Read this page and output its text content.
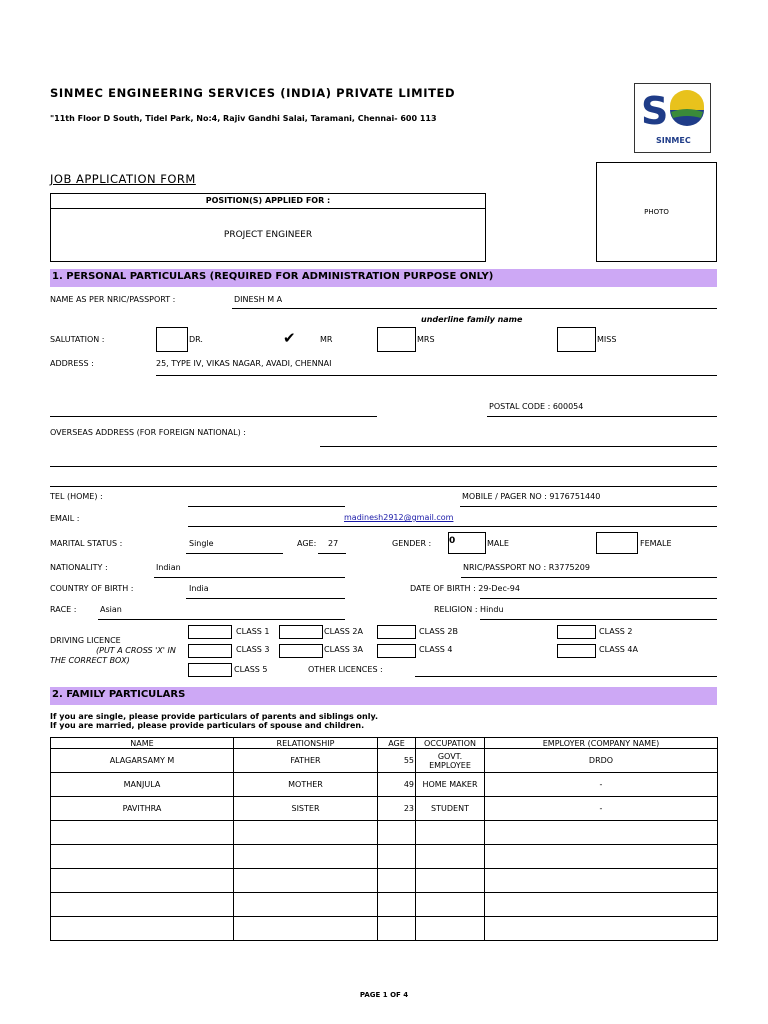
SINMEC ENGINEERING SERVICES (INDIA) PRIVATE LIMITED
"11th Floor D South, Tidel Park, No:4, Rajiv Gandhi Salai, Taramani, Chennai- 600 113	S
SINMEC
JOB APPLICATION FORM
POSITION(S) APPLIED FOR :
PROJECT ENGINEER
PHOTO
1. PERSONAL PARTICULARS (REQUIRED FOR ADMINISTRATION PURPOSE ONLY)
NAME AS PER NRIC/PASSPORT :	DINESH M A
underline family name
SALUTATION :	DR.	✔	MR	MRS	MISS
ADDRESS :	25, TYPE IV, VIKAS NAGAR, AVADI, CHENNAI
POSTAL CODE : 600054
OVERSEAS ADDRESS (FOR FOREIGN NATIONAL) :
TEL (HOME) :	MOBILE / PAGER NO : 9176751440
EMAIL :	madinesh2912@gmail.com
MARITAL STATUS :	Single	AGE: 27	GENDER : 0	MALE	FEMALE
NATIONALITY :	Indian	NRIC/PASSPORT NO : R3775209
COUNTRY OF BIRTH :	India	DATE OF BIRTH : 29-Dec-94
RACE :	Asian	RELIGION : Hindu
DRIVING LICENCE
(PUT A CROSS 'X' IN
THE CORRECT BOX)
CLASS 1	CLASS 2A	CLASS 2B	CLASS 2
CLASS 3	CLASS 3A	CLASS 4	CLASS 4A
CLASS 5	OTHER LICENCES :
2. FAMILY PARTICULARS
If you are single, please provide particulars of parents and siblings only.
If you are married, please provide particulars of spouse and children.
NAME	RELATIONSHIP	AGE	OCCUPATION	EMPLOYER (COMPANY NAME)
ALAGARSAMY M	FATHER	55	GOVT. EMPLOYEE	DRDO
MANJULA	MOTHER	49	HOME MAKER	-
PAVITHRA	SISTER	23	STUDENT	-

PAGE 1 OF 4
